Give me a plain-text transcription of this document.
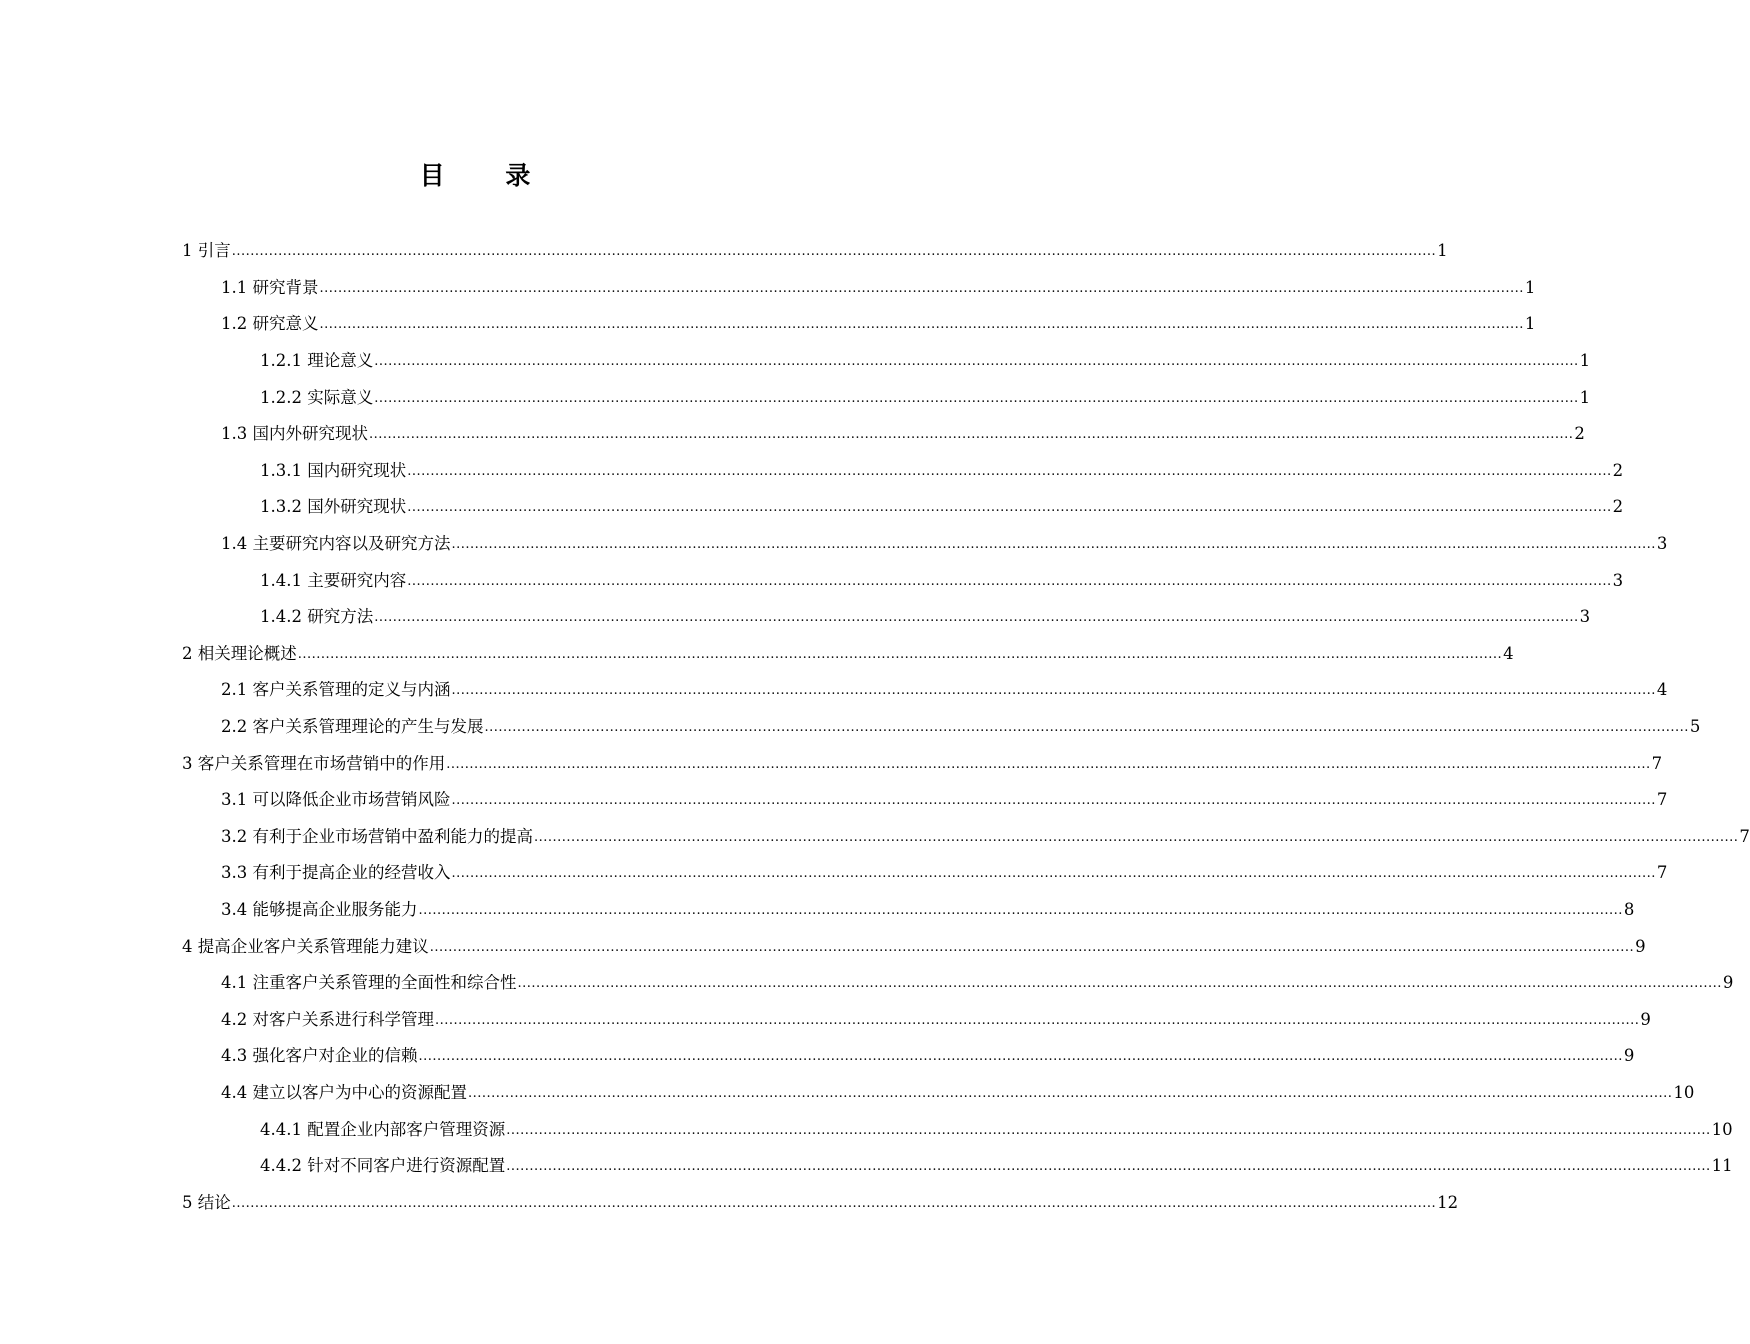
目 录
1 引言 .................................................................................................................................................................................................................................................................... 1
1.1 研究背景 .................................................................................................................................................................................................................................................................... 1
1.2 研究意义 .................................................................................................................................................................................................................................................................... 1
1.2.1 理论意义 .................................................................................................................................................................................................................................................................... 1
1.2.2 实际意义 .................................................................................................................................................................................................................................................................... 1
1.3 国内外研究现状 .................................................................................................................................................................................................................................................................... 2
1.3.1 国内研究现状 .................................................................................................................................................................................................................................................................... 2
1.3.2 国外研究现状 .................................................................................................................................................................................................................................................................... 2
1.4 主要研究内容以及研究方法 .................................................................................................................................................................................................................................................................... 3
1.4.1 主要研究内容 .................................................................................................................................................................................................................................................................... 3
1.4.2 研究方法 .................................................................................................................................................................................................................................................................... 3
2 相关理论概述 .................................................................................................................................................................................................................................................................... 4
2.1 客户关系管理的定义与内涵 .................................................................................................................................................................................................................................................................... 4
2.2 客户关系管理理论的产生与发展 .................................................................................................................................................................................................................................................................... 5
3 客户关系管理在市场营销中的作用 .................................................................................................................................................................................................................................................................... 7
3.1 可以降低企业市场营销风险 .................................................................................................................................................................................................................................................................... 7
3.2 有利于企业市场营销中盈利能力的提高 .................................................................................................................................................................................................................................................................... 7
3.3 有利于提高企业的经营收入 .................................................................................................................................................................................................................................................................... 7
3.4 能够提高企业服务能力 .................................................................................................................................................................................................................................................................... 8
4 提高企业客户关系管理能力建议 .................................................................................................................................................................................................................................................................... 9
4.1 注重客户关系管理的全面性和综合性 .................................................................................................................................................................................................................................................................... 9
4.2 对客户关系进行科学管理 .................................................................................................................................................................................................................................................................... 9
4.3 强化客户对企业的信赖 .................................................................................................................................................................................................................................................................... 9
4.4 建立以客户为中心的资源配置 .................................................................................................................................................................................................................................................................... 10
4.4.1 配置企业内部客户管理资源 .................................................................................................................................................................................................................................................................... 10
4.4.2 针对不同客户进行资源配置 .................................................................................................................................................................................................................................................................... 11
5 结论 .................................................................................................................................................................................................................................................................... 12
